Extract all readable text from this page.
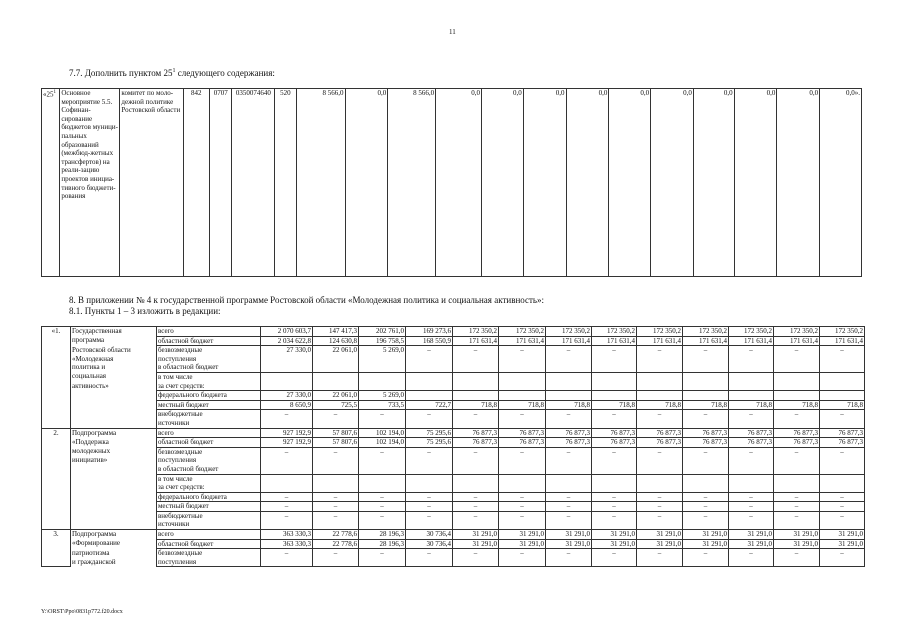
11
7.7. Дополнить пунктом $25^1$ следующего содержания:
«$25^1$	Основное мероприятие 5.5. Софинан-сирование бюджетов муници-пальных образований (межбюд-жетных трансфертов) на реали-зацию проектов инициа-тивного бюджети-рования	комитет по моло-дежной политике Ростовской области	842	0707	0350074640	520	8 566,0	0,0	8 566,0	0,0	0,0	0,0	0,0	0,0	0,0	0,0	0,0	0,0	0,0».
8. В приложении № 4 к государственной программе Ростовской области «Молодежная политика и социальная активность»:
8.1. Пункты 1 – 3 изложить в редакции:
«1.	Государственная	всего	2 070 603,7	147 417,3	202 761,0	169 273,6	172 350,2	172 350,2	172 350,2	172 350,2	172 350,2	172 350,2	172 350,2	172 350,2	172 350,2
	программа	областной бюджет	2 034 622,8	124 630,8	196 758,5	168 550,9	171 631,4	171 631,4	171 631,4	171 631,4	171 631,4	171 631,4	171 631,4	171 631,4	171 631,4
	Ростовской области	безвозмездные	27 330,0	22 061,0	5 269,0	–	–	–	–	–	–	–	–	–	–
	«Молодежная	поступления													
	политика и	в областной бюджет													
	социальная	в том числе													
	активность»	за счет средств:													
		федерального бюджета	27 330,0	22 061,0	5 269,0										
		местный бюджет	8 650,9	725,5	733,5	722,7	718,8	718,8	718,8	718,8	718,8	718,8	718,8	718,8	718,8
		внебюджетные	–	–	–	–	–	–	–	–	–	–	–	–	–
		источники													
2.	Подпрограмма	всего	927 192,9	57 807,6	102 194,0	75 295,6	76 877,3	76 877,3	76 877,3	76 877,3	76 877,3	76 877,3	76 877,3	76 877,3	76 877,3
	«Поддержка	областной бюджет	927 192,9	57 807,6	102 194,0	75 295,6	76 877,3	76 877,3	76 877,3	76 877,3	76 877,3	76 877,3	76 877,3	76 877,3	76 877,3
	молодежных	безвозмездные	–	–	–	–	–	–	–	–	–	–	–	–	–
	инициатив»	поступления													
		в областной бюджет													
		в том числе													
		за счет средств:													
		федерального бюджета	–	–	–	–	–	–	–	–	–	–	–	–	–
		местный бюджет	–	–	–	–	–	–	–	–	–	–	–	–	–
		внебюджетные	–	–	–	–	–	–	–	–	–	–	–	–	–
		источники													
3.	Подпрограмма	всего	363 330,3	22 778,6	28 196,3	30 736,4	31 291,0	31 291,0	31 291,0	31 291,0	31 291,0	31 291,0	31 291,0	31 291,0	31 291,0
	«Формирование	областной бюджет	363 330,3	22 778,6	28 196,3	30 736,4	31 291,0	31 291,0	31 291,0	31 291,0	31 291,0	31 291,0	31 291,0	31 291,0	31 291,0
	патриотизма	безвозмездные	–	–	–	–	–	–	–	–	–	–	–	–	–
	и гражданской	поступления													
Y:\ORST\Ppo\0831p772.f20.docx
